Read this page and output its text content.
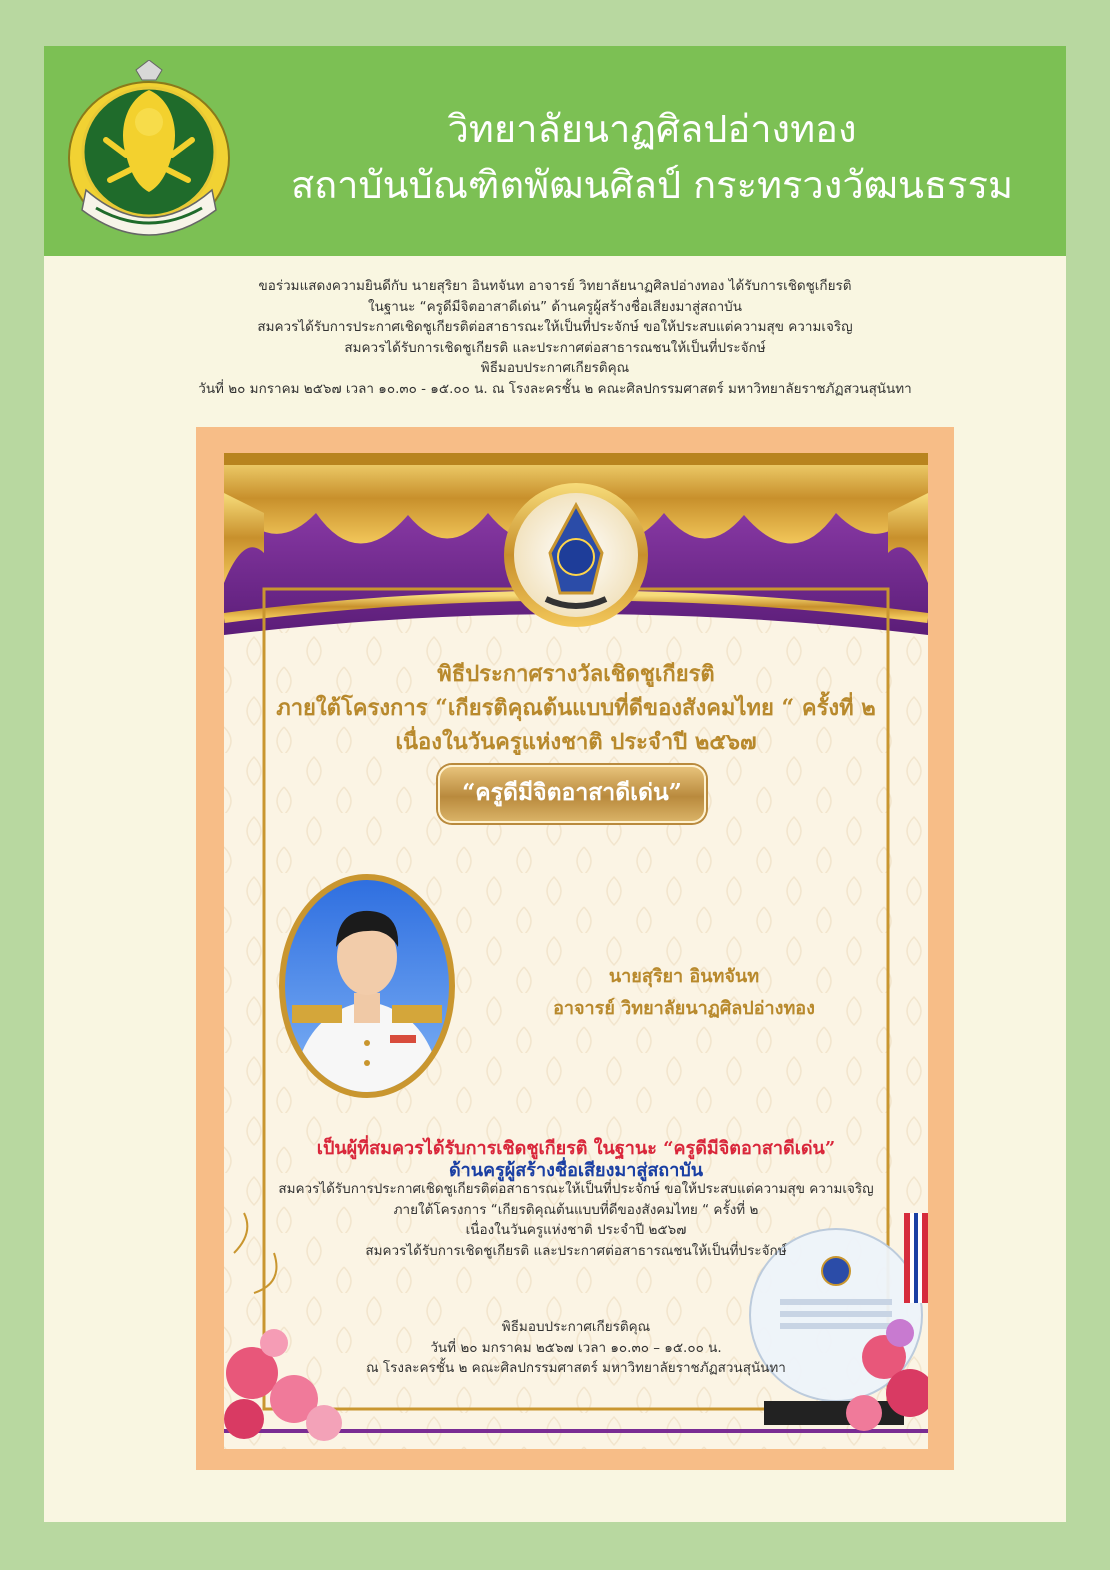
วิทยาลัยนาฏศิลปอ่างทอง
สถาบันบัณฑิตพัฒนศิลป์ กระทรวงวัฒนธรรม
ขอร่วมแสดงความยินดีกับ นายสุริยา อินทจันท อาจารย์ วิทยาลัยนาฏศิลปอ่างทอง ได้รับการเชิดชูเกียรติ
ในฐานะ “ครูดีมีจิตอาสาดีเด่น” ด้านครูผู้สร้างชื่อเสียงมาสู่สถาบัน
สมควรได้รับการประกาศเชิดชูเกียรติต่อสาธารณะให้เป็นที่ประจักษ์ ขอให้ประสบแต่ความสุข ความเจริญ
สมควรได้รับการเชิดชูเกียรติ และประกาศต่อสาธารณชนให้เป็นที่ประจักษ์
พิธีมอบประกาศเกียรติคุณ
วันที่ ๒๐ มกราคม ๒๕๖๗ เวลา ๑๐.๓๐ - ๑๕.๐๐ น. ณ โรงละครชั้น ๒ คณะศิลปกรรมศาสตร์ มหาวิทยาลัยราชภัฏสวนสุนันทา
พิธีประกาศรางวัลเชิดชูเกียรติ
ภายใต้โครงการ “เกียรติคุณต้นแบบที่ดีของสังคมไทย “ ครั้งที่ ๒
เนื่องในวันครูแห่งชาติ ประจำปี ๒๕๖๗
“ครูดีมีจิตอาสาดีเด่น”
นายสุริยา อินทจันท
อาจารย์ วิทยาลัยนาฏศิลปอ่างทอง
เป็นผู้ที่สมควรได้รับการเชิดชูเกียรติ ในฐานะ “ครูดีมีจิตอาสาดีเด่น”
ด้านครูผู้สร้างชื่อเสียงมาสู่สถาบัน
สมควรได้รับการประกาศเชิดชูเกียรติต่อสาธารณะให้เป็นที่ประจักษ์ ขอให้ประสบแต่ความสุข ความเจริญ
ภายใต้โครงการ “เกียรติคุณต้นแบบที่ดีของสังคมไทย “ ครั้งที่ ๒
เนื่องในวันครูแห่งชาติ ประจำปี ๒๕๖๗
สมควรได้รับการเชิดชูเกียรติ และประกาศต่อสาธารณชนให้เป็นที่ประจักษ์
พิธีมอบประกาศเกียรติคุณ
วันที่ ๒๐ มกราคม ๒๕๖๗ เวลา ๑๐.๓๐ – ๑๕.๐๐ น.
ณ โรงละครชั้น ๒ คณะศิลปกรรมศาสตร์ มหาวิทยาลัยราชภัฏสวนสุนันทา
